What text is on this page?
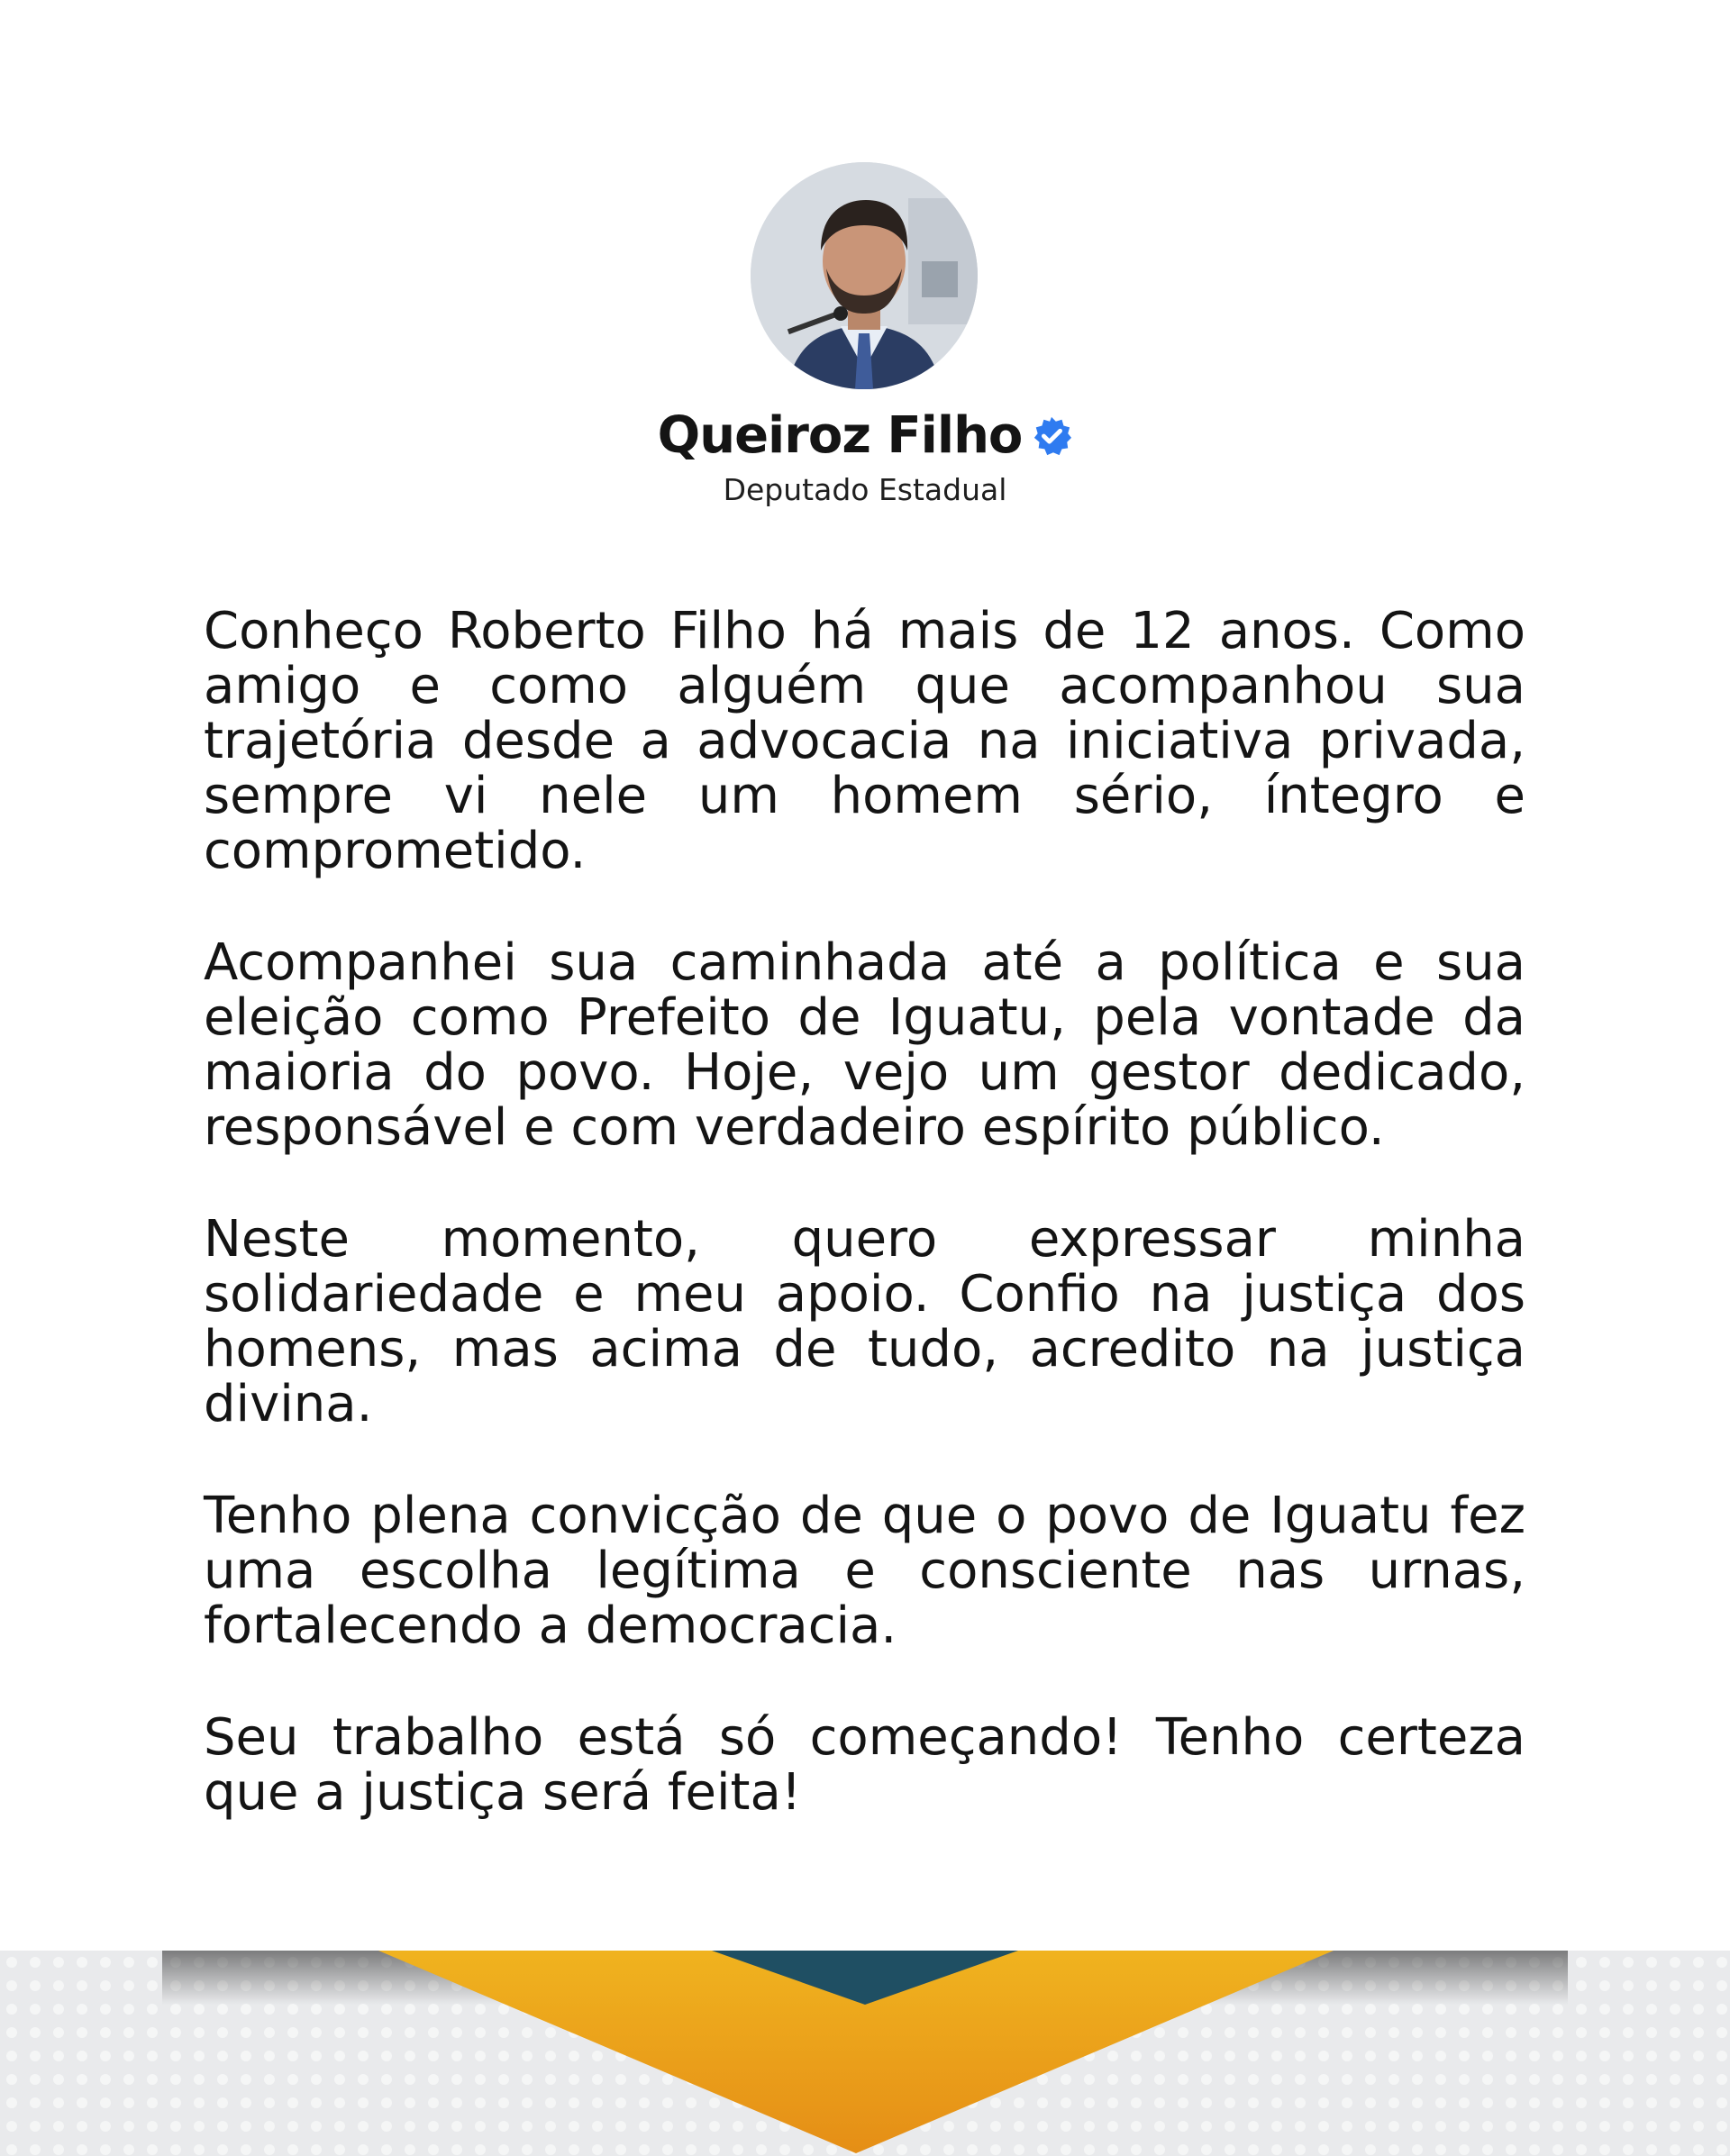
Queiroz Filho
Deputado Estadual

Conheço Roberto Filho há mais de 12 anos. Como amigo e como alguém que acompanhou sua trajetória desde a advocacia na iniciativa privada, sempre vi nele um homem sério, íntegro e comprometido.

Acompanhei sua caminhada até a política e sua eleição como Prefeito de Iguatu, pela vontade da maioria do povo. Hoje, vejo um gestor dedicado, responsável e com verdadeiro espírito público.

Neste momento, quero expressar minha solidariedade e meu apoio. Confio na justiça dos homens, mas acima de tudo, acredito na justiça divina.

Tenho plena convicção de que o povo de Iguatu fez uma escolha legítima e consciente nas urnas, fortalecendo a democracia.

Seu trabalho está só começando! Tenho certeza que a justiça será feita!
